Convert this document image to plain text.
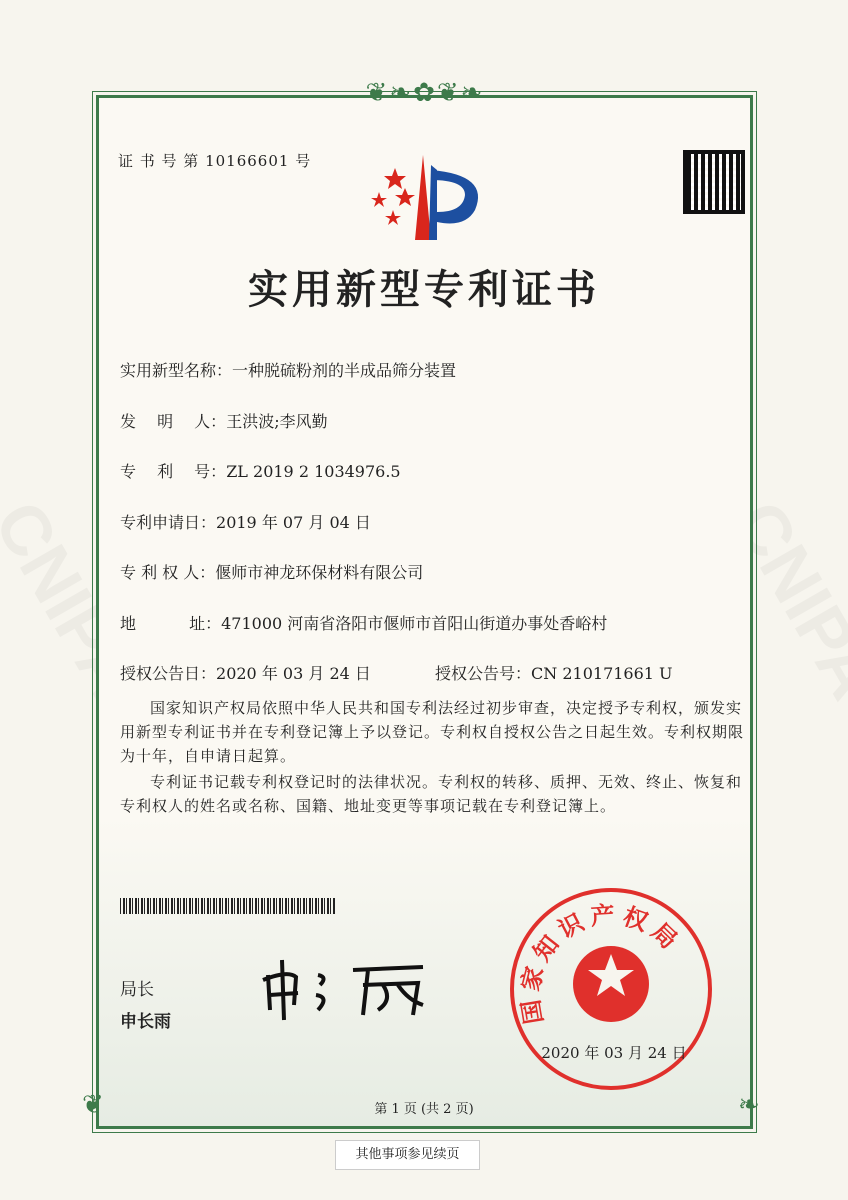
❦❧✿❦❧
❦	❧
证 书 号 第 10166601 号
实用新型专利证书
实用新型名称：一种脱硫粉剂的半成品筛分装置
发　 明　 人：王洪波;李风勤
专　 利　 号：ZL 2019 2 1034976.5
专利申请日：2019 年 07 月 04 日
专 利 权 人：偃师市神龙环保材料有限公司
地　　　 址：471000 河南省洛阳市偃师市首阳山街道办事处香峪村
授权公告日：2020 年 03 月 24 日	授权公告号：CN 210171661 U
国家知识产权局依照中华人民共和国专利法经过初步审查，决定授予专利权，颁发实用新型专利证书并在专利登记簿上予以登记。专利权自授权公告之日起生效。专利权期限为十年，自申请日起算。
专利证书记载专利权登记时的法律状况。专利权的转移、质押、无效、终止、恢复和专利权人的姓名或名称、国籍、地址变更等事项记载在专利登记簿上。
局长
申长雨	国家知识产权局
2020 年 03 月 24 日
第 1 页 (共 2 页)
其他事项参见续页
